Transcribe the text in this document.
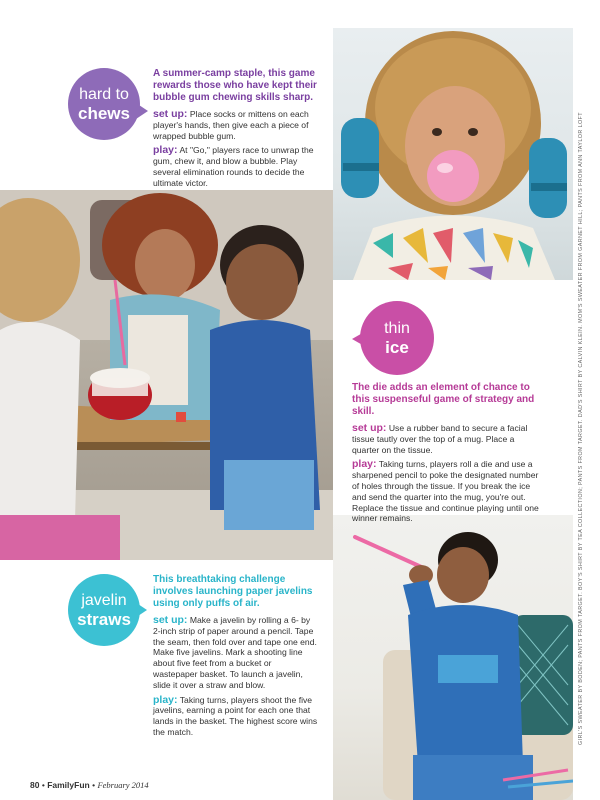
hard to
chews
A summer-camp staple, this game rewards those who have kept their bubble gum chewing skills sharp.
set up: Place socks or mittens on each player's hands, then give each a piece of wrapped bubble gum.
play: At "Go," players race to unwrap the gum, chew it, and blow a bubble. Play several elimination rounds to decide the ultimate victor.
thin
ice
The die adds an element of chance to this suspenseful game of strategy and skill.
set up: Use a rubber band to secure a facial tissue tautly over the top of a mug. Place a quarter on the tissue.
play: Taking turns, players roll a die and use a sharpened pencil to poke the designated number of holes through the tissue. If you break the ice and send the quarter into the mug, you're out. Replace the tissue and continue playing until one winner remains.
javelin
straws
This breathtaking challenge involves launching paper javelins using only puffs of air.
set up: Make a javelin by rolling a 6- by 2-inch strip of paper around a pencil. Tape the seam, then fold over and tape one end. Make five javelins. Mark a shooting line about five feet from a bucket or wastepaper basket. To launch a javelin, slide it over a straw and blow.
play: Taking turns, players shoot the five javelins, earning a point for each one that lands in the basket. The highest score wins the match.	GIRL'S SWEATER BY BODEN; PANTS FROM TARGET. BOY'S SHIRT BY TEA COLLECTION; PANTS FROM TARGET. DAD'S SHIRT BY CALVIN KLEIN. MOM'S SWEATER FROM GARNET HILL; PANTS FROM ANN TAYLOR LOFT
80 • FamilyFun • February 2014
